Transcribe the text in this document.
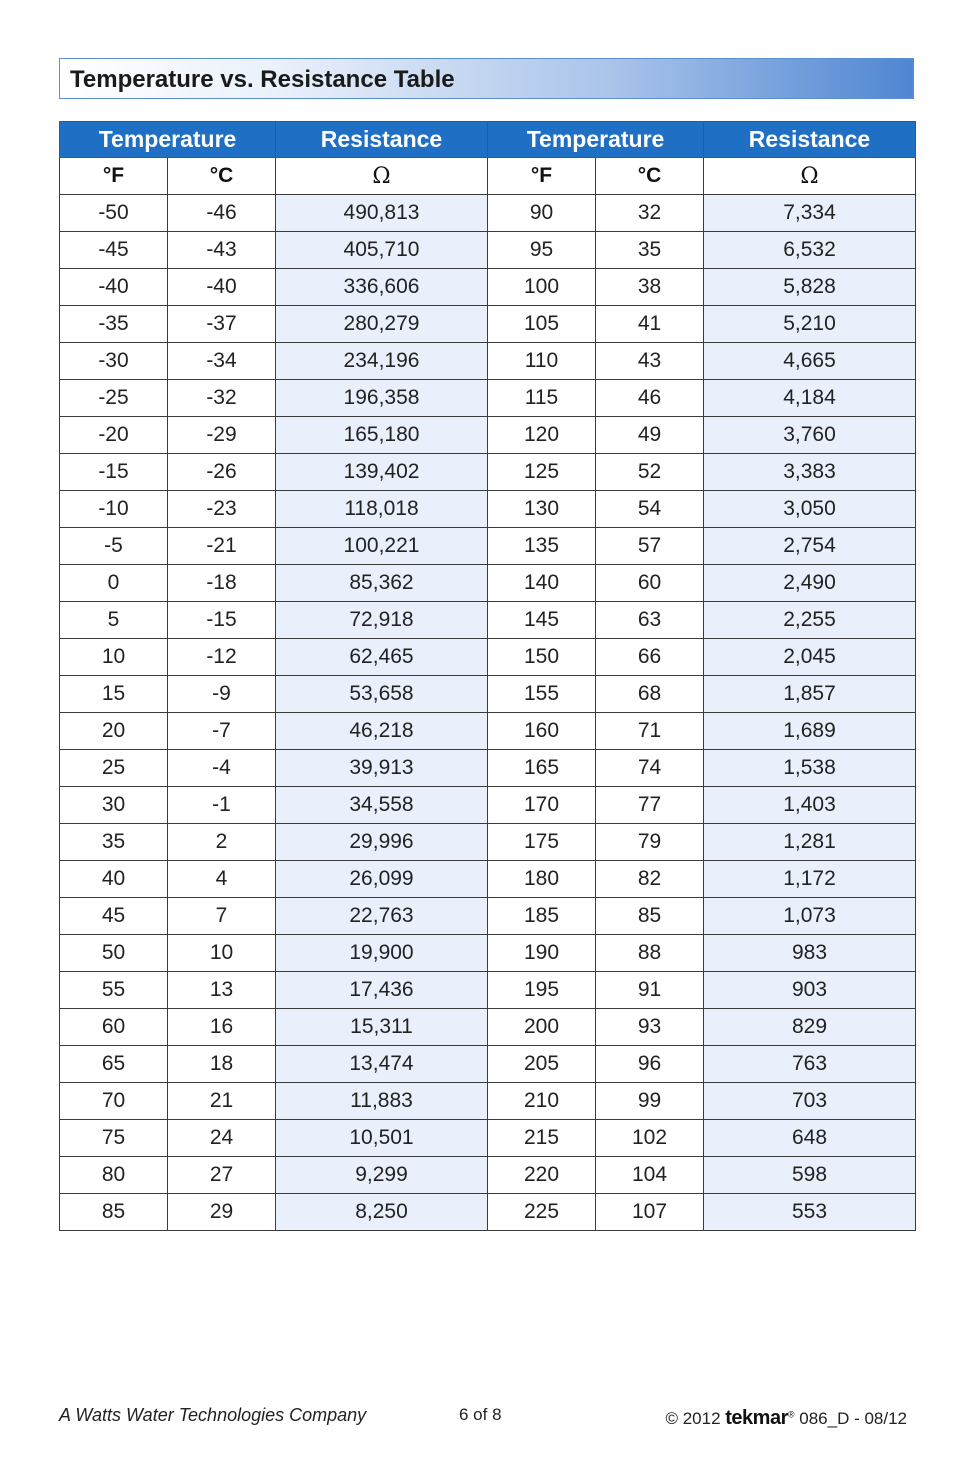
Temperature vs. Resistance Table
Temperature		Resistance	Temperature		Resistance
°F	°C	Ω	°F	°C	Ω
-50	-46	490,813	90	32	7,334
-45	-43	405,710	95	35	6,532
-40	-40	336,606	100	38	5,828
-35	-37	280,279	105	41	5,210
-30	-34	234,196	110	43	4,665
-25	-32	196,358	115	46	4,184
-20	-29	165,180	120	49	3,760
-15	-26	139,402	125	52	3,383
-10	-23	118,018	130	54	3,050
-5	-21	100,221	135	57	2,754
0	-18	85,362	140	60	2,490
5	-15	72,918	145	63	2,255
10	-12	62,465	150	66	2,045
15	-9	53,658	155	68	1,857
20	-7	46,218	160	71	1,689
25	-4	39,913	165	74	1,538
30	-1	34,558	170	77	1,403
35	2	29,996	175	79	1,281
40	4	26,099	180	82	1,172
45	7	22,763	185	85	1,073
50	10	19,900	190	88	983
55	13	17,436	195	91	903
60	16	15,311	200	93	829
65	18	13,474	205	96	763
70	21	11,883	210	99	703
75	24	10,501	215	102	648
80	27	9,299	220	104	598
85	29	8,250	225	107	553
A Watts Water Technologies Company	6 of 8	© 2012 tekmar® 086_D - 08/12
